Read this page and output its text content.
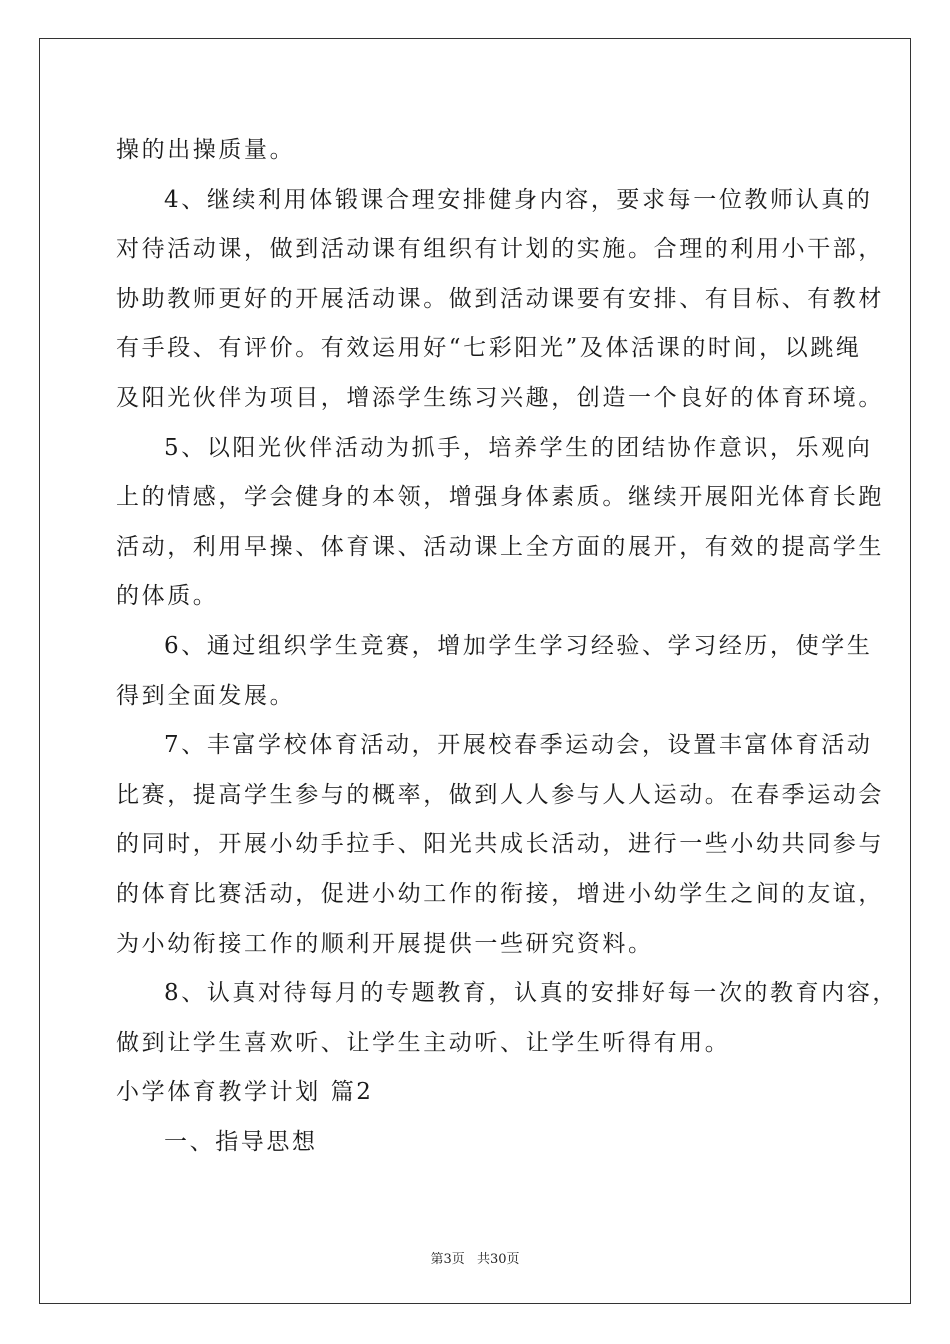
操的出操质量。
4、继续利用体锻课合理安排健身内容，要求每一位教师认真的
对待活动课，做到活动课有组织有计划的实施。合理的利用小干部，
协助教师更好的开展活动课。做到活动课要有安排、有目标、有教材
有手段、有评价。有效运用好“七彩阳光”及体活课的时间，以跳绳
及阳光伙伴为项目，增添学生练习兴趣，创造一个良好的体育环境。
5、以阳光伙伴活动为抓手，培养学生的团结协作意识，乐观向
上的情感，学会健身的本领，增强身体素质。继续开展阳光体育长跑
活动，利用早操、体育课、活动课上全方面的展开，有效的提高学生
的体质。
6、通过组织学生竞赛，增加学生学习经验、学习经历，使学生
得到全面发展。
7、丰富学校体育活动，开展校春季运动会，设置丰富体育活动
比赛，提高学生参与的概率，做到人人参与人人运动。在春季运动会
的同时，开展小幼手拉手、阳光共成长活动，进行一些小幼共同参与
的体育比赛活动，促进小幼工作的衔接，增进小幼学生之间的友谊，
为小幼衔接工作的顺利开展提供一些研究资料。
8、认真对待每月的专题教育，认真的安排好每一次的教育内容，
做到让学生喜欢听、让学生主动听、让学生听得有用。
小学体育教学计划 篇2
一、指导思想
第3页 共30页
